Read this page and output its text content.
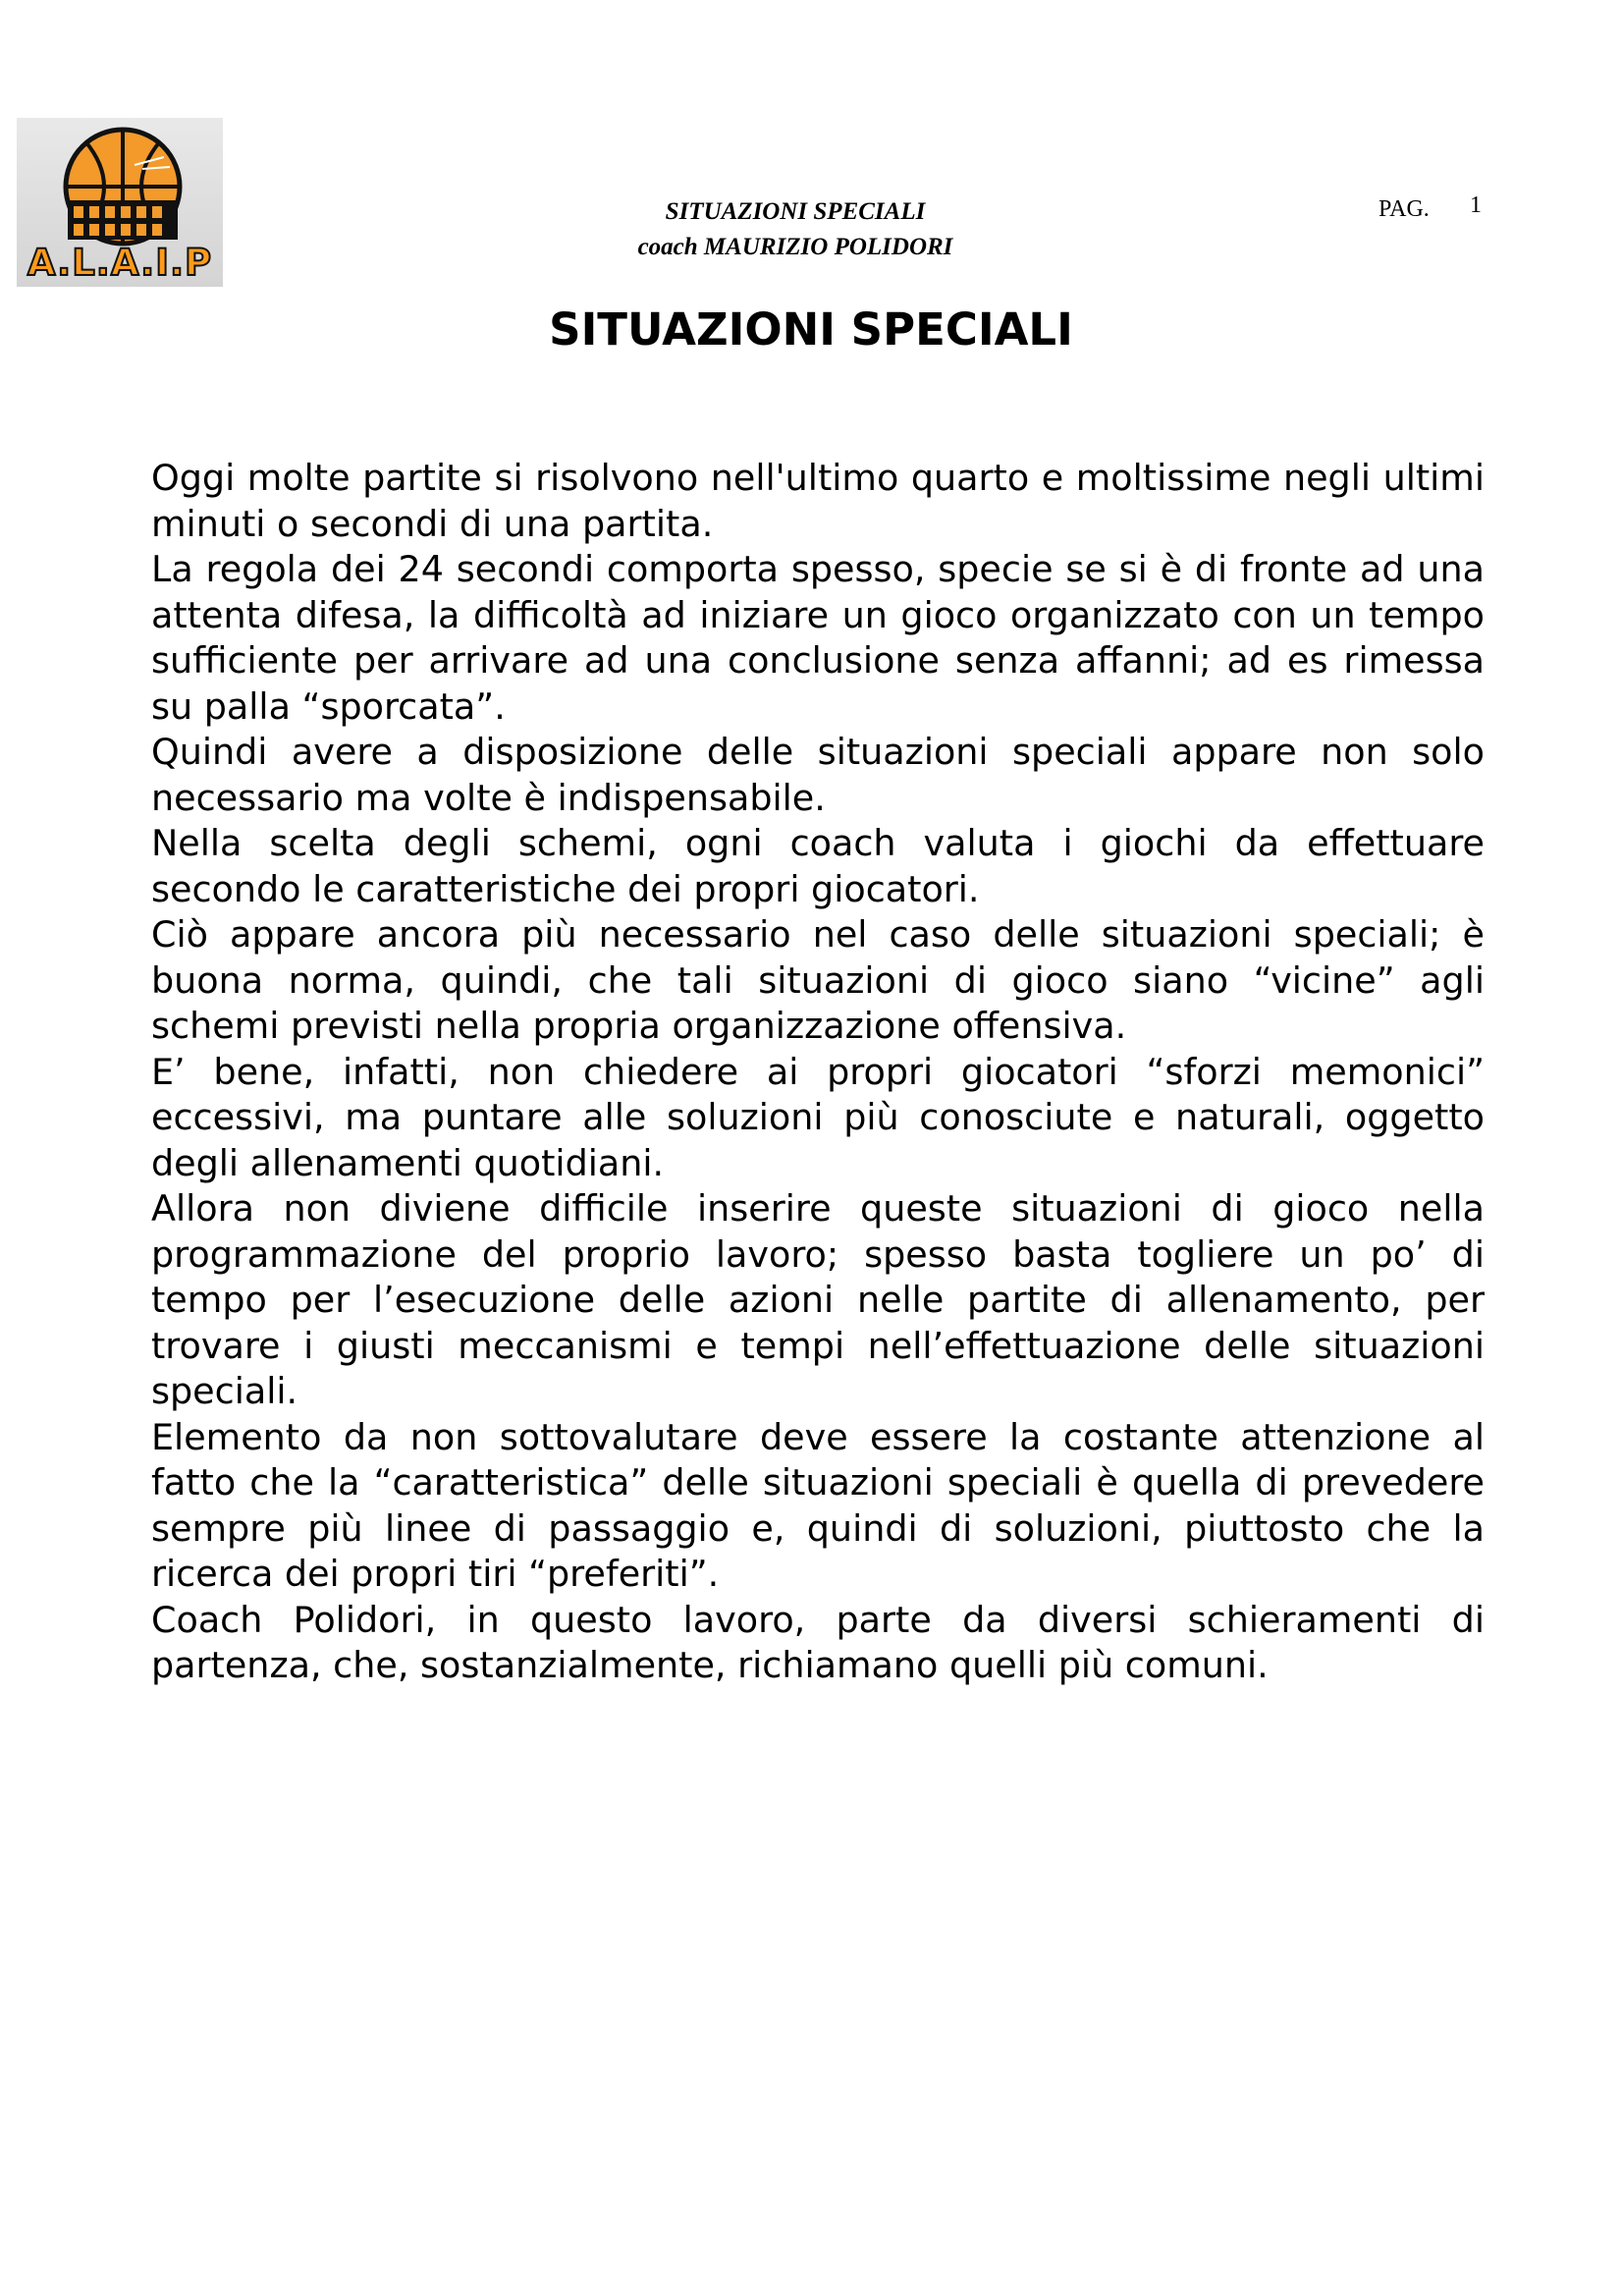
A.L.A.I.P
SITUAZIONI SPECIALI
coach MAURIZIO POLIDORI
PAG. 1
SITUAZIONI SPECIALI

Oggi molte partite si risolvono nell'ultimo quarto e moltissime negli ultimi minuti o secondi di una partita.

La regola dei 24 secondi comporta spesso, specie se si è di fronte ad una attenta difesa, la difficoltà ad iniziare un gioco organizzato con un tempo sufficiente per arrivare ad una conclusione senza affanni; ad es rimessa su palla “sporcata”.

Quindi avere a disposizione delle situazioni speciali appare non solo necessario ma volte è indispensabile.

Nella scelta degli schemi, ogni coach valuta i giochi da effettuare secondo le caratteristiche dei propri giocatori.

Ciò appare ancora più necessario nel caso delle situazioni speciali; è buona norma, quindi, che tali situazioni di gioco siano “vicine” agli schemi previsti nella propria organizzazione offensiva.

E’ bene, infatti, non chiedere ai propri giocatori “sforzi memonici” eccessivi, ma puntare alle soluzioni più conosciute e naturali, oggetto degli allenamenti quotidiani.

Allora non diviene difficile inserire queste situazioni di gioco nella programmazione del proprio lavoro; spesso basta togliere un po’ di tempo per l’esecuzione delle azioni nelle partite di allenamento, per trovare i giusti meccanismi e tempi nell’effettuazione delle situazioni speciali.

Elemento da non sottovalutare deve essere la costante attenzione al fatto che la “caratteristica” delle situazioni speciali è quella di prevedere sempre più linee di passaggio e, quindi di soluzioni, piuttosto che la ricerca dei propri tiri “preferiti”.

Coach Polidori, in questo lavoro, parte da diversi schieramenti di partenza, che, sostanzialmente, richiamano quelli più comuni.
